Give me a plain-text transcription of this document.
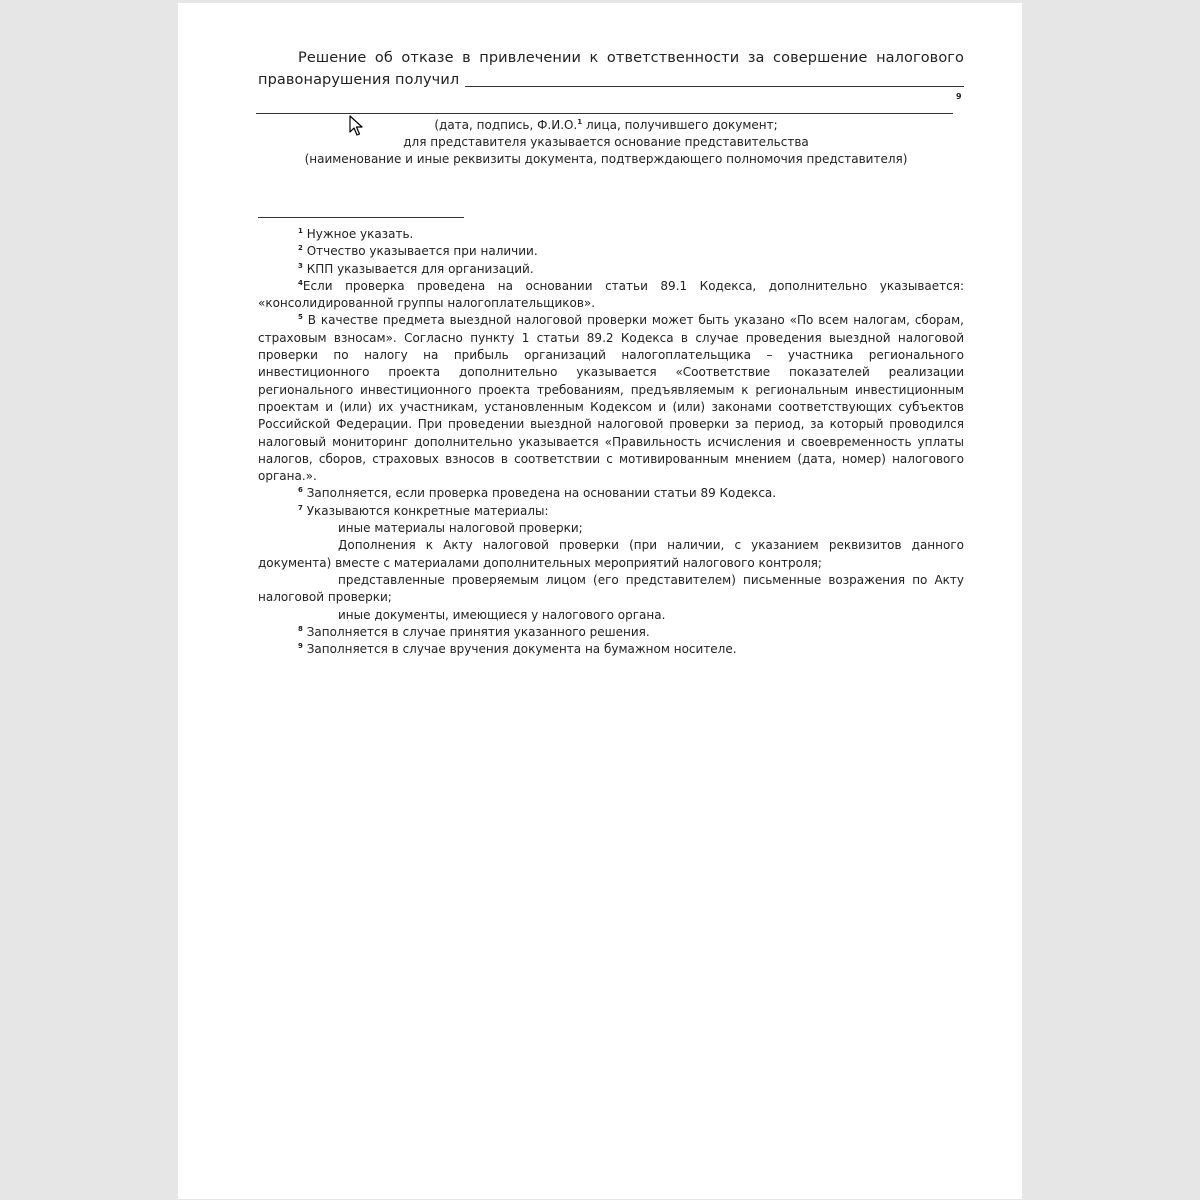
Решение об отказе в привлечении к ответственности за совершение налогового
правонарушения получил
9
(дата, подпись, Ф.И.О.$^1$ лица, получившего документ;
для представителя указывается основание представительства
(наименование и иные реквизиты документа, подтверждающего полномочия представителя)

$^1$ Нужное указать.

$^2$ Отчество указывается при наличии.

$^3$ КПП указывается для организаций.

$^4$Если проверка проведена на основании статьи 89.1 Кодекса, дополнительно указывается: «консолидированной группы налогоплательщиков».

$^5$ В качестве предмета выездной налоговой проверки может быть указано «По всем налогам, сборам, страховым взносам». Согласно пункту 1 статьи 89.2 Кодекса в случае проведения выездной налоговой проверки по налогу на прибыль организаций налогоплательщика – участника регионального инвестиционного проекта дополнительно указывается «Соответствие показателей реализации регионального инвестиционного проекта требованиям, предъявляемым к региональным инвестиционным проектам и (или) их участникам, установленным Кодексом и (или) законами соответствующих субъектов Российской Федерации. При проведении выездной налоговой проверки за период, за который проводился налоговый мониторинг дополнительно указывается «Правильность исчисления и своевременность уплаты налогов, сборов, страховых взносов в соответствии с мотивированным мнением (дата, номер) налогового органа.».

$^6$ Заполняется, если проверка проведена на основании статьи 89 Кодекса.

$^7$ Указываются конкретные материалы:

иные материалы налоговой проверки;

Дополнения к Акту налоговой проверки (при наличии, с указанием реквизитов данного документа) вместе с материалами дополнительных мероприятий налогового контроля;

представленные проверяемым лицом (его представителем) письменные возражения по Акту налоговой проверки;

иные документы, имеющиеся у налогового органа.

$^8$ Заполняется в случае принятия указанного решения.

$^9$ Заполняется в случае вручения документа на бумажном носителе.
